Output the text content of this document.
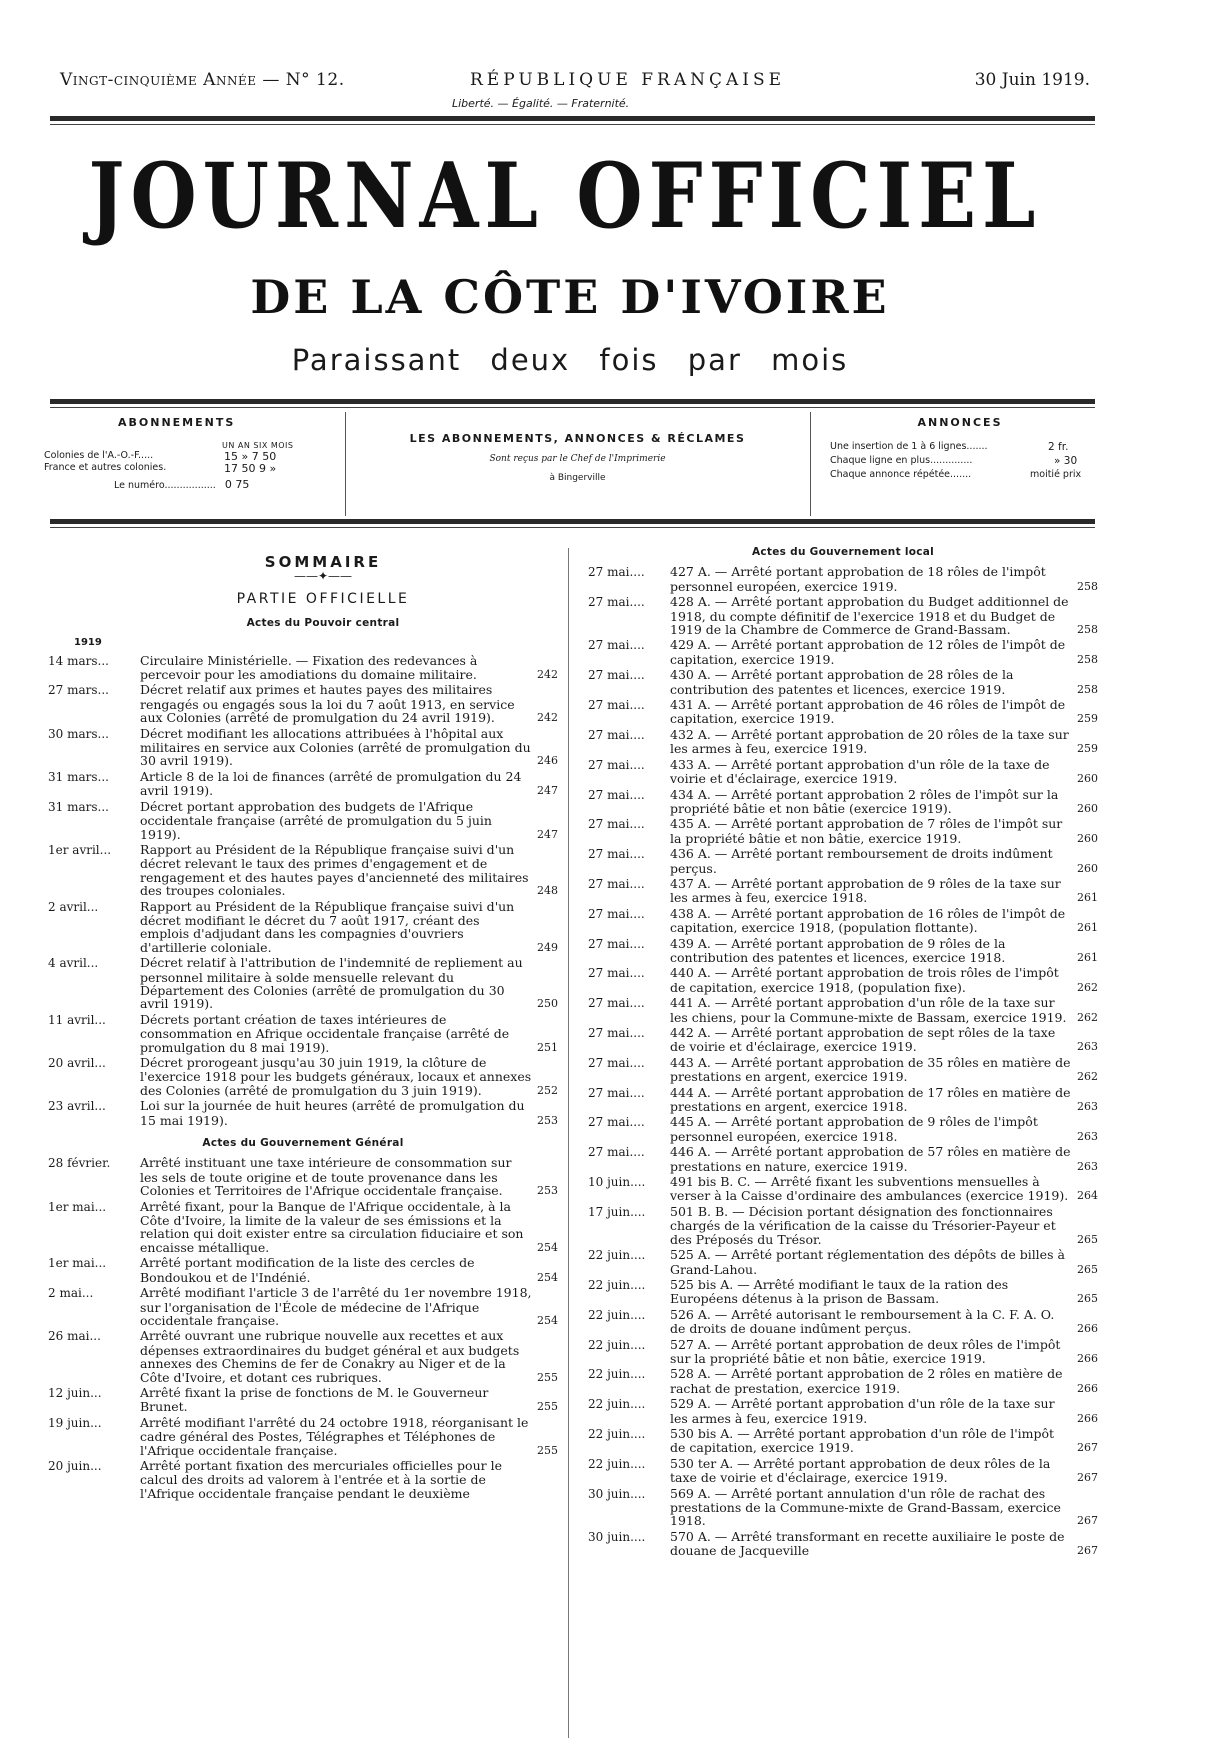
Vingt-cinquième Année — N° 12.	RÉPUBLIQUE FRANÇAISE	30 Juin 1919.
Liberté. — Égalité. — Fraternité.
JOURNAL OFFICIEL
DE LA CÔTE D'IVOIRE
Paraissant deux fois par mois
ABONNEMENTS
UN AN SIX MOIS
Colonies de l'A.-O.-F.....	15 » 7 50
France et autres colonies.	17 50 9 »
Le numéro................. 0 75
LES ABONNEMENTS, ANNONCES & RÉCLAMES
Sont reçus par le Chef de l'Imprimerie
à Bingerville
ANNONCES
Une insertion de 1 à 6 lignes.......	2 fr.
Chaque ligne en plus..............	» 30
Chaque annonce répétée.......	moitié prix
SOMMAIRE
——✦——
PARTIE OFFICIELLE
Actes du Pouvoir central
1919
14 mars... Circulaire Ministérielle. — Fixation des redevances à percevoir pour les amodiations du domaine militaire.	242
27 mars... Décret relatif aux primes et hautes payes des militaires rengagés ou engagés sous la loi du 7 août 1913, en service aux Colonies (arrêté de promulgation du 24 avril 1919).	242
30 mars... Décret modifiant les allocations attribuées à l'hôpital aux militaires en service aux Colonies (arrêté de promulgation du 30 avril 1919).	246
31 mars... Article 8 de la loi de finances (arrêté de promulgation du 24 avril 1919).	247
31 mars... Décret portant approbation des budgets de l'Afrique occidentale française (arrêté de promulgation du 5 juin 1919).	247
1er avril... Rapport au Président de la République française suivi d'un décret relevant le taux des primes d'engagement et de rengagement et des hautes payes d'ancienneté des militaires des troupes coloniales.	248
2 avril...	Rapport au Président de la République française suivi d'un décret modifiant le décret du 7 août 1917, créant des emplois d'adjudant dans les compagnies d'ouvriers d'artillerie coloniale.	249
4 avril...	Décret relatif à l'attribution de l'indemnité de repliement au personnel militaire à solde mensuelle relevant du Département des Colonies (arrêté de promulgation du 30 avril 1919).	250
11 avril...	Décrets portant création de taxes intérieures de consommation en Afrique occidentale française (arrêté de promulgation du 8 mai 1919).	251
20 avril...	Décret prorogeant jusqu'au 30 juin 1919, la clôture de l'exercice 1918 pour les budgets généraux, locaux et annexes des Colonies (arrêté de promulgation du 3 juin 1919).	252
23 avril...	Loi sur la journée de huit heures (arrêté de promulgation du 15 mai 1919).	253
Actes du Gouvernement Général
28 février. Arrêté instituant une taxe intérieure de consommation sur les sels de toute origine et de toute provenance dans les Colonies et Territoires de l'Afrique occidentale française.	253
1er mai...	Arrêté fixant, pour la Banque de l'Afrique occidentale, à la Côte d'Ivoire, la limite de la valeur de ses émissions et la relation qui doit exister entre sa circulation fiduciaire et son encaisse métallique.	254
1er mai...	Arrêté portant modification de la liste des cercles de Bondoukou et de l'Indénié.	254
2 mai...	Arrêté modifiant l'article 3 de l'arrêté du 1er novembre 1918, sur l'organisation de l'École de médecine de l'Afrique occidentale française.	254
26 mai...	Arrêté ouvrant une rubrique nouvelle aux recettes et aux dépenses extraordinaires du budget général et aux budgets annexes des Chemins de fer de Conakry au Niger et de la Côte d'Ivoire, et dotant ces rubriques.	255
12 juin...	Arrêté fixant la prise de fonctions de M. le Gouverneur Brunet.	255
19 juin...	Arrêté modifiant l'arrêté du 24 octobre 1918, réorganisant le cadre général des Postes, Télégraphes et Téléphones de l'Afrique occidentale française.	255
20 juin...	Arrêté portant fixation des mercuriales officielles pour le calcul des droits ad valorem à l'entrée et à la sortie de l'Afrique occidentale française pendant le deuxième
Actes du Gouvernement local
27 mai.... 427 A. — Arrêté portant approbation de 18 rôles de l'impôt personnel européen, exercice 1919.	258
27 mai.... 428 A. — Arrêté portant approbation du Budget additionnel de 1918, du compte définitif de l'exercice 1918 et du Budget de 1919 de la Chambre de Commerce de Grand-Bassam.	258
27 mai.... 429 A. — Arrêté portant approbation de 12 rôles de l'impôt de capitation, exercice 1919.	258
27 mai.... 430 A. — Arrêté portant approbation de 28 rôles de la contribution des patentes et licences, exercice 1919.	258
27 mai.... 431 A. — Arrêté portant approbation de 46 rôles de l'impôt de capitation, exercice 1919.	259
27 mai.... 432 A. — Arrêté portant approbation de 20 rôles de la taxe sur les armes à feu, exercice 1919.	259
27 mai.... 433 A. — Arrêté portant approbation d'un rôle de la taxe de voirie et d'éclairage, exercice 1919.	260
27 mai.... 434 A. — Arrêté portant approbation 2 rôles de l'impôt sur la propriété bâtie et non bâtie (exercice 1919).	260
27 mai.... 435 A. — Arrêté portant approbation de 7 rôles de l'impôt sur la propriété bâtie et non bâtie, exercice 1919.	260
27 mai.... 436 A. — Arrêté portant remboursement de droits indûment perçus.	260
27 mai.... 437 A. — Arrêté portant approbation de 9 rôles de la taxe sur les armes à feu, exercice 1918.	261
27 mai.... 438 A. — Arrêté portant approbation de 16 rôles de l'impôt de capitation, exercice 1918, (population flottante).	261
27 mai.... 439 A. — Arrêté portant approbation de 9 rôles de la contribution des patentes et licences, exercice 1918.	261
27 mai.... 440 A. — Arrêté portant approbation de trois rôles de l'impôt de capitation, exercice 1918, (population fixe).	262
27 mai.... 441 A. — Arrêté portant approbation d'un rôle de la taxe sur les chiens, pour la Commune-mixte de Bassam, exercice 1919. 262
27 mai.... 442 A. — Arrêté portant approbation de sept rôles de la taxe de voirie et d'éclairage, exercice 1919.	263
27 mai.... 443 A. — Arrêté portant approbation de 35 rôles en matière de prestations en argent, exercice 1919.	262
27 mai.... 444 A. — Arrêté portant approbation de 17 rôles en matière de prestations en argent, exercice 1918.	263
27 mai.... 445 A. — Arrêté portant approbation de 9 rôles de l'impôt personnel européen, exercice 1918.	263
27 mai.... 446 A. — Arrêté portant approbation de 57 rôles en matière de prestations en nature, exercice 1919.	263
10 juin.... 491 bis B. C. — Arrêté fixant les subventions mensuelles à verser à la Caisse d'ordinaire des ambulances (exercice 1919). 264
17 juin.... 501 B. B. — Décision portant désignation des fonctionnaires chargés de la vérification de la caisse du Trésorier-Payeur et des Préposés du Trésor.	265
22 juin.... 525 A. — Arrêté portant réglementation des dépôts de billes à Grand-Lahou.	265
22 juin.... 525 bis A. — Arrêté modifiant le taux de la ration des Européens détenus à la prison de Bassam.	265
22 juin.... 526 A. — Arrêté autorisant le remboursement à la C. F. A. O. de droits de douane indûment perçus.	266
22 juin.... 527 A. — Arrêté portant approbation de deux rôles de l'impôt sur la propriété bâtie et non bâtie, exercice 1919.	266
22 juin.... 528 A. — Arrêté portant approbation de 2 rôles en matière de rachat de prestation, exercice 1919.	266
22 juin.... 529 A. — Arrêté portant approbation d'un rôle de la taxe sur les armes à feu, exercice 1919.	266
22 juin.... 530 bis A. — Arrêté portant approbation d'un rôle de l'impôt de capitation, exercice 1919.	267
22 juin.... 530 ter A. — Arrêté portant approbation de deux rôles de la taxe de voirie et d'éclairage, exercice 1919.	267
30 juin.... 569 A. — Arrêté portant annulation d'un rôle de rachat des prestations de la Commune-mixte de Grand-Bassam, exercice 1918.	267
30 juin.... 570 A. — Arrêté transformant en recette auxiliaire le poste de douane de Jacqueville	267
